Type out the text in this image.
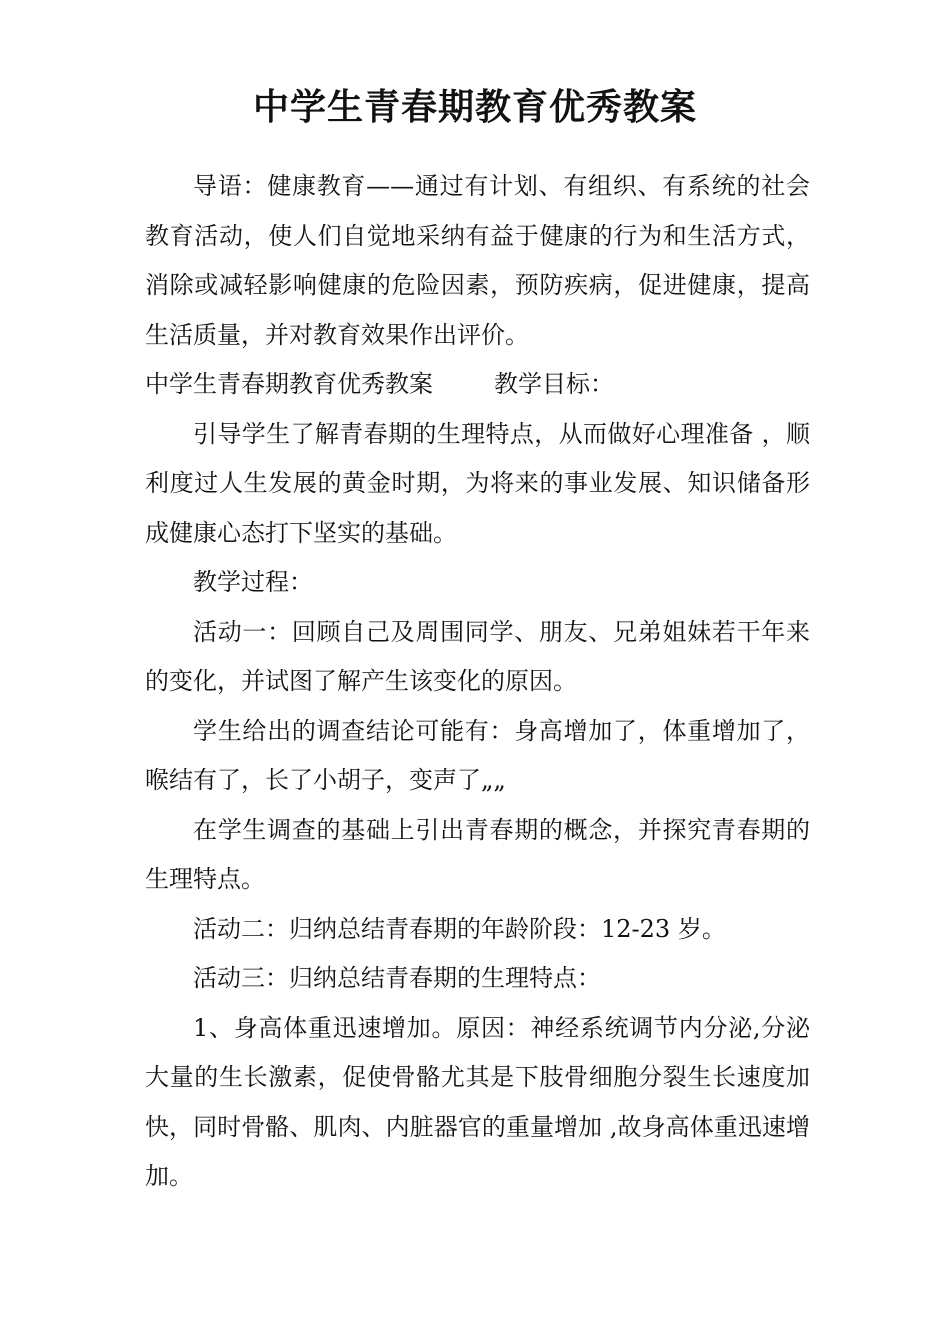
中学生青春期教育优秀教案

导语：健康教育——通过有计划、有组织、有系统的社会教育活动，使人们自觉地采纳有益于健康的行为和生活方式，消除或减轻影响健康的危险因素，预防疾病，促进健康，提高生活质量，并对教育效果作出评价。

中学生青春期教育优秀教案        教学目标：

引导学生了解青春期的生理特点，从而做好心理准备 ，顺利度过人生发展的黄金时期，为将来的事业发展、知识储备形成健康心态打下坚实的基础。

教学过程：

活动一：回顾自己及周围同学、朋友、兄弟姐妹若干年来的变化，并试图了解产生该变化的原因。

学生给出的调查结论可能有：身高增加了，体重增加了，喉结有了，长了小胡子，变声了„„

在学生调查的基础上引出青春期的概念，并探究青春期的生理特点。

活动二：归纳总结青春期的年龄阶段：12-23 岁。

活动三：归纳总结青春期的生理特点：

1、身高体重迅速增加。原因：神经系统调节内分泌,分泌大量的生长激素，促使骨骼尤其是下肢骨细胞分裂生长速度加快，同时骨骼、肌肉、内脏器官的重量增加 ,故身高体重迅速增加。
